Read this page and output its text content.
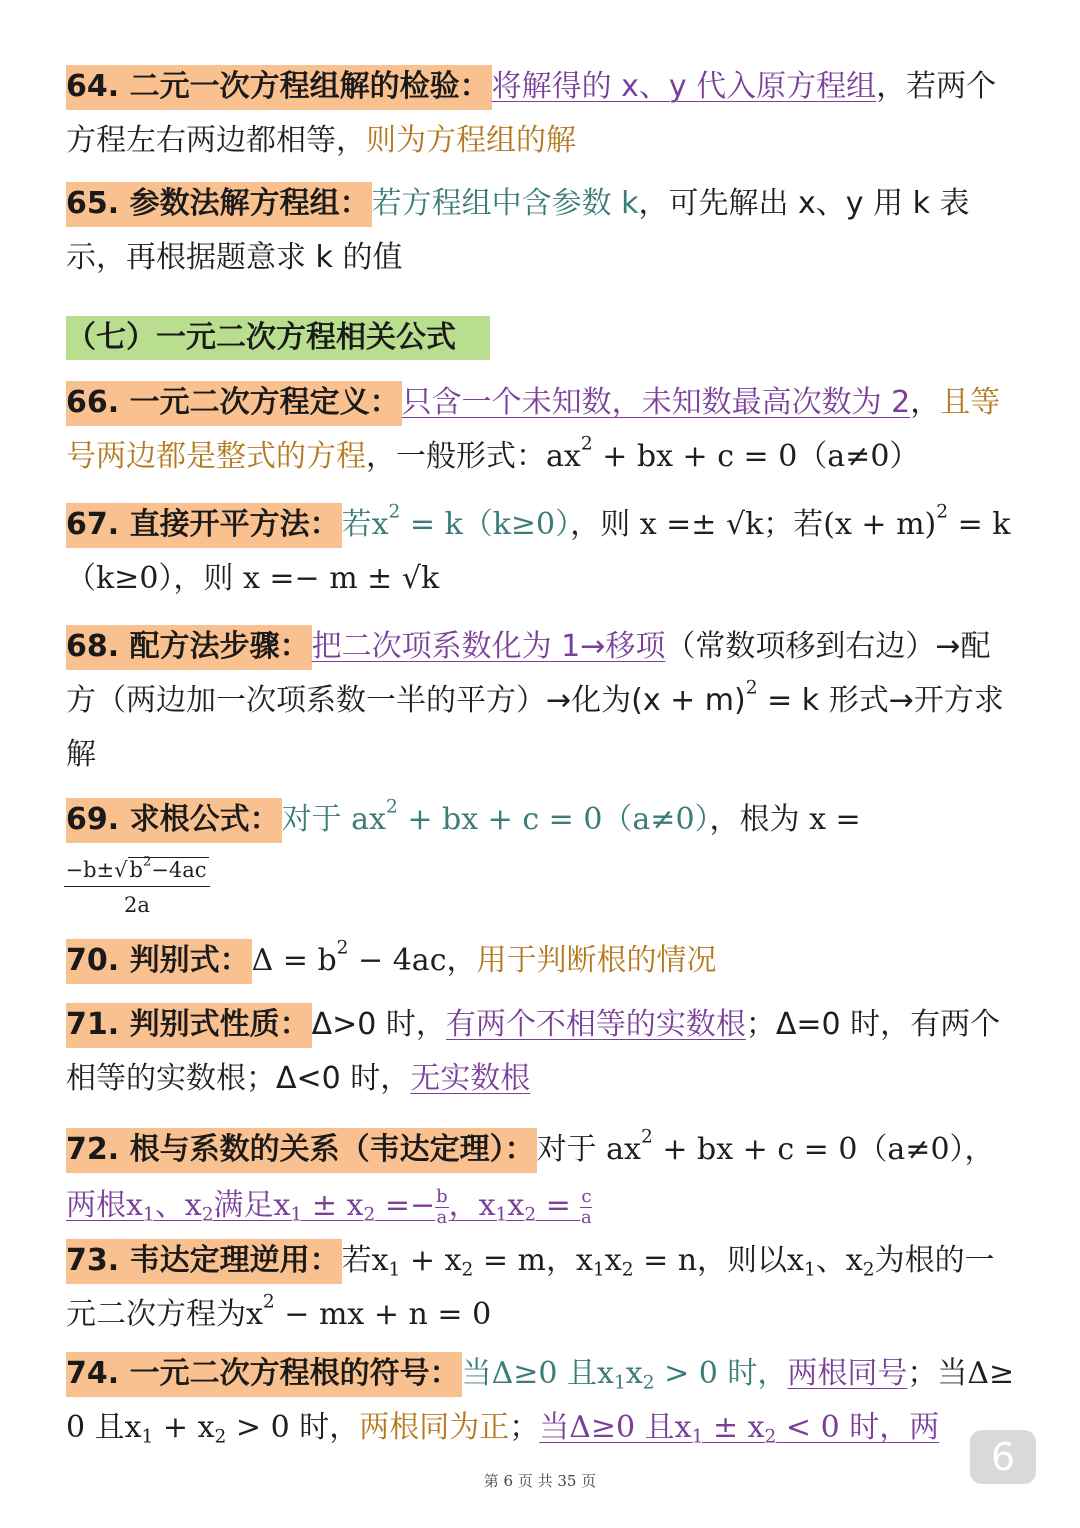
64. 二元一次方程组解的检验：将解得的 x、y 代入原方程组，若两个方程左右两边都相等，则为方程组的解
65. 参数法解方程组：若方程组中含参数 k，可先解出 x、y 用 k 表示，再根据题意求 k 的值
（七）一元二次方程相关公式
66. 一元二次方程定义：只含一个未知数，未知数最高次数为 2，且等号两边都是整式的方程，一般形式：$ax^2$ + bx + c = 0（a≠0）
67. 直接开平方法：若$x^2 = k(k\ge 0)$，则 x =± √k；若$(x + m)^2 = k(k\ge 0)$，则 x =− m ± √k
68. 配方法步骤：把二次项系数化为 1→移项（常数项移到右边）→配方（两边加一次项系数一半的平方）→化为$(x + m)^2 = k$ 形式→开方求解
69. 求根公式：对于 $ax^2$ + bx + c = 0（a≠0），根为 x =
$\frac{-b\pm√b^2-4ac}{2a}$
70. 判别式：$\Delta = b^2 - 4ac$，用于判断根的情况
71. 判别式性质：Δ>0 时，有两个不相等的实数根；Δ=0 时，有两个相等的实数根；Δ<0 时，无实数根
72. 根与系数的关系（韦达定理）：对于 $ax^2$ + bx + c = 0（a≠0），两根$x_1$、$x_2$满足$x_1 \pm x_2 =- \frac{b}{a}$ ，$x_1x_2 = \frac{c}{a}$
73. 韦达定理逆用：若$x_1 + x_2 = m$，$x_1x_2 = n$，则以$x_1$、$x_2$为根的一元二次方程为$x^2$ − mx + n = 0
74. 一元二次方程根的符号：当Δ≥0 且$x_1x_2 > 0$ 时，两根同号；当Δ≥0 且$x_1 + x_2 > 0$ 时，两根同为正；当Δ≥0 且$x_1 \pm x_2 < 0$ 时，两
第 6 页 共 35 页
6
